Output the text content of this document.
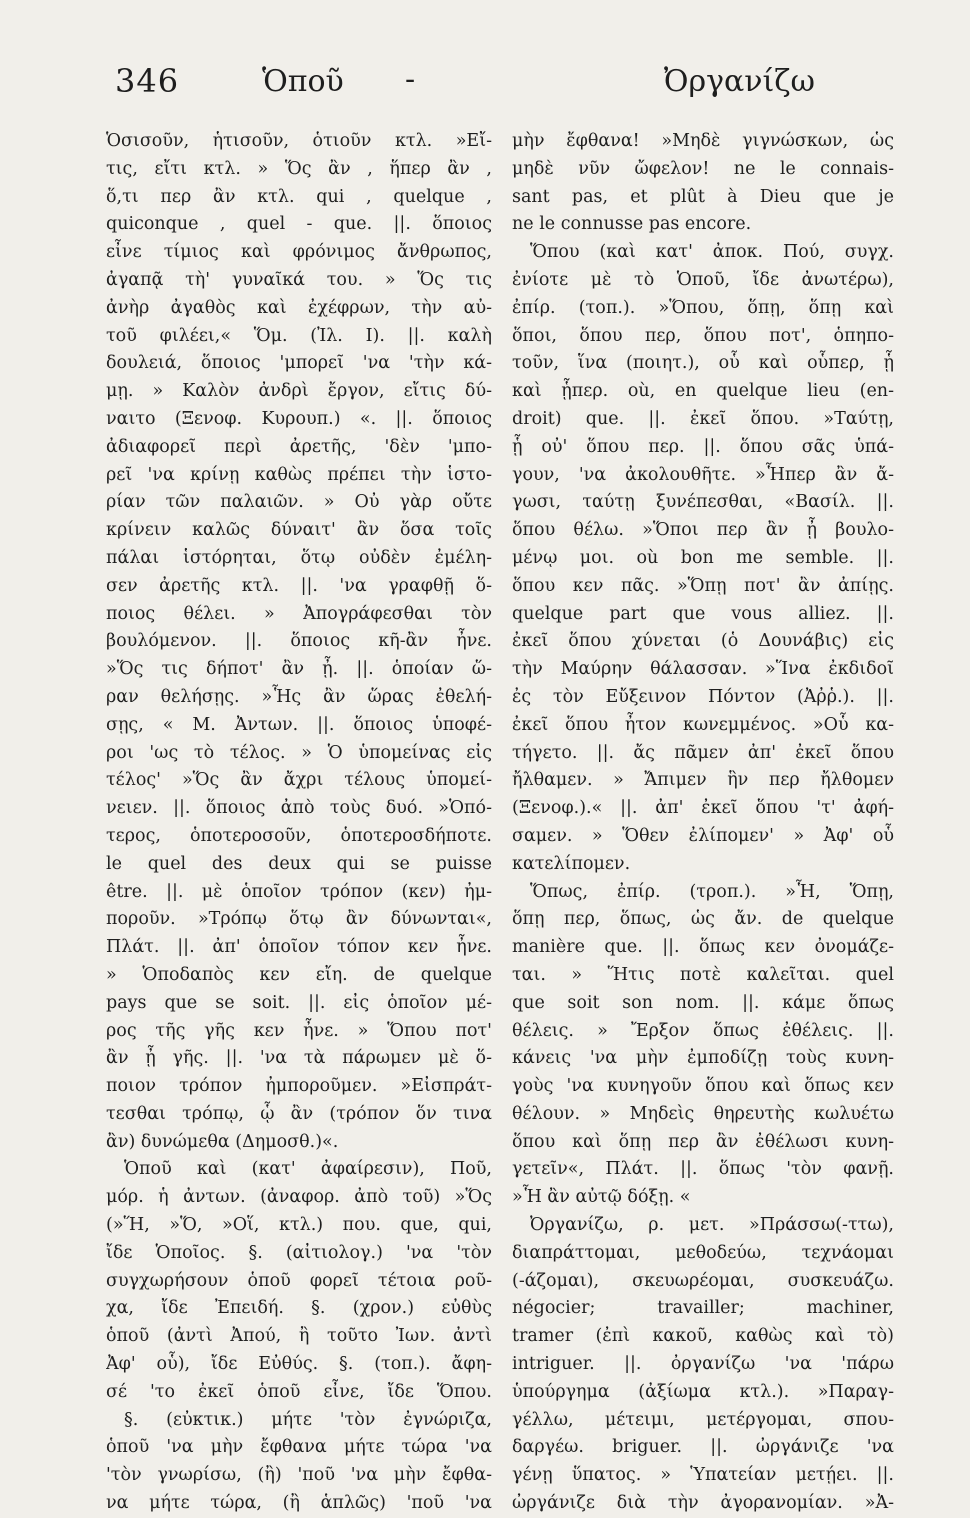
346	Ὁποῦ -	Ὀργανίζω
Ὁσισοῦν, ἡτισοῦν, ὁτιοῦν κτλ. »Εἴ-
τις, εἴτι κτλ. » Ὅς ἂν , ἥπερ ἂν ,
ὅ,τι περ ἂν κτλ. qui , quelque ,
quiconque , quel - que. ||. ὅποιος
εἶνε τίμιος καὶ φρόνιμος ἄνθρωπος,
ἀγαπᾷ τὴ' γυναῖκά του. » Ὅς τις
ἀνὴρ ἀγαθὸς καὶ ἐχέφρων, τὴν αὐ-
τοῦ φιλέει,« Ὅμ. (Ἰλ. Ι). ||. καλὴ
δουλειά, ὅποιος 'μπορεῖ 'να 'τὴν κά-
μῃ. » Καλὸν ἀνδρὶ ἔργον, εἴτις δύ-
ναιτο (Ξενοφ. Κυρουπ.) «. ||. ὅποιος
ἀδιαφορεῖ περὶ ἀρετῆς, 'δὲν 'μπο-
ρεῖ 'να κρίνῃ καθὼς πρέπει τὴν ἱστο-
ρίαν τῶν παλαιῶν. » Οὐ γὰρ οὔτε
κρίνειν καλῶς δύναιτ' ἂν ὅσα τοῖς
πάλαι ἱστόρηται, ὅτῳ οὐδὲν ἐμέλη-
σεν ἀρετῆς κτλ. ||. 'να γραφθῇ ὅ-
ποιος θέλει. » Ἀπογράφεσθαι τὸν
βουλόμενον. ||. ὅποιος κῆ-ἂν ἦνε.
»Ὅς τις δήποτ' ἂν ᾖ. ||. ὁποίαν ὥ-
ραν θελήσῃς. »Ἧς ἂν ὥρας ἐθελή-
σῃς, « Μ. Ἀντων. ||. ὅποιος ὑποφέ-
ροι 'ως τὸ τέλος. » Ὁ ὑπομείνας εἰς
τέλος' »Ὅς ἂν ἄχρι τέλους ὑπομεί-
νειεν. ||. ὅποιος ἀπὸ τοὺς δυό. »Ὁπό-
τερος, ὁποτεροσοῦν, ὁποτεροσδήποτε.
le quel des deux qui se puisse
être. ||. μὲ ὁποῖον τρόπον (κεν) ἠμ-
ποροῦν. »Τρόπῳ ὅτῳ ἂν δύνωνται«,
Πλάτ. ||. ἀπ' ὁποῖον τόπον κεν ἦνε.
» Ὁποδαπὸς κεν εἴη. de quelque
pays que se soit. ||. εἰς ὁποῖον μέ-
ρος τῆς γῆς κεν ἦνε. » Ὅπου ποτ'
ἂν ᾖ γῆς. ||. 'να τὰ πάρωμεν μὲ ὅ-
ποιον τρόπον ἠμποροῦμεν. »Εἰσπράτ-
τεσθαι τρόπῳ, ᾧ ἂν (τρόπον ὅν τινα
ἂν) δυνώμεθα (Δημοσθ.)«.
Ὁποῦ καὶ (κατ' ἀφαίρεσιν), Ποῦ,
μόρ. ἡ ἀντων. (ἀναφορ. ἀπὸ τοῦ) »Ὅς
(»Ἥ, »Ὅ, »Οἵ, κτλ.) που. que, qui,
ἴδε Ὁποῖος. §. (αἰτιολογ.) 'να 'τὸν
συγχωρήσουν ὁποῦ φορεῖ τέτοια ροῦ-
χα, ἴδε Ἐπειδή. §. (χρον.) εὐθὺς
ὁποῦ (ἀντὶ Ἀπού, ἢ τοῦτο Ἰων. ἀντὶ
Ἀφ' οὗ), ἴδε Εὐθύς. §. (τοπ.). ἄφη-
σέ 'το ἐκεῖ ὁποῦ εἶνε, ἴδε Ὅπου.
§. (εὐκτικ.) μήτε 'τὸν ἐγνώριζα,
ὁποῦ 'να μὴν ἔφθανα μήτε τώρα 'να
'τὸν γνωρίσω, (ἢ) 'ποῦ 'να μὴν ἔφθα-
να μήτε τώρα, (ἢ ἁπλῶς) 'ποῦ 'να
μὴν ἔφθανα! »Μηδὲ γιγνώσκων, ὡς
μηδὲ νῦν ὤφελον! ne le connais-
sant pas, et plût à Dieu que je
ne le connusse pas encore.
Ὅπου (καὶ κατ' ἀποκ. Πού, συγχ.
ἐνίοτε μὲ τὸ Ὁποῦ, ἴδε ἀνωτέρω),
ἐπίρ. (τοπ.). »Ὅπου, ὅπῃ, ὅπῃ καὶ
ὅποι, ὅπου περ, ὅπου ποτ', ὁπηπο-
τοῦν, ἵνα (ποιητ.), οὗ καὶ οὗπερ, ᾗ
καὶ ᾗπερ. où, en quelque lieu (en-
droit) que. ||. ἐκεῖ ὅπου. »Ταύτῃ,
ᾗ οὐ' ὅπου περ. ||. ὅπου σᾶς ὑπά-
γουν, 'να ἀκολουθῆτε. »Ἧπερ ἂν ἄ-
γωσι, ταύτῃ ξυνέπεσθαι, «Βασίλ. ||.
ὅπου θέλω. »Ὅποι περ ἂν ᾖ βουλο-
μένῳ μοι. où bon me semble. ||.
ὅπου κεν πᾶς. »Ὅπῃ ποτ' ἂν ἀπίῃς.
quelque part que vous alliez. ||.
ἐκεῖ ὅπου χύνεται (ὁ Δουνάβις) εἰς
τὴν Μαύρην θάλασσαν. »Ἵνα ἐκδιδοῖ
ἐς τὸν Εὔξεινον Πόντον (Ἀῤῥ.). ||.
ἐκεῖ ὅπου ἦτον κωνεμμένος. »Οὗ κα-
τήγετο. ||. ἄς πᾶμεν ἀπ' ἐκεῖ ὅπου
ἤλθαμεν. » Ἄπιμεν ἣν περ ἤλθομεν
(Ξενοφ.).« ||. ἀπ' ἐκεῖ ὅπου 'τ' ἀφή-
σαμεν. » Ὅθεν ἐλίπομεν' » Ἀφ' οὗ
κατελίπομεν.
Ὅπως, ἐπίρ. (τροπ.). »Ἧ, Ὅπῃ,
ὅπῃ περ, ὅπως, ὡς ἄν. de quelque
manière que. ||. ὅπως κεν ὀνομάζε-
ται. » Ἥτις ποτὲ καλεῖται. quel
que soit son nom. ||. κάμε ὅπως
θέλεις. » Ἔρξον ὅπως ἐθέλεις. ||.
κάνεις 'να μὴν ἐμποδίζῃ τοὺς κυνη-
γοὺς 'να κυνηγοῦν ὅπου καὶ ὅπως κεν
θέλουν. » Μηδεὶς θηρευτὴς κωλυέτω
ὅπου καὶ ὅπῃ περ ἂν ἐθέλωσι κυνη-
γετεῖν«, Πλάτ. ||. ὅπως 'τὸν φανῇ.
»Ἧ ἂν αὐτῷ δόξῃ. «
Ὀργανίζω, ρ. μετ. »Πράσσω(-ττω),
διαπράττομαι, μεθοδεύω, τεχνάομαι
(-άζομαι), σκευωρέομαι, συσκευάζω.
négocier; travailler; machiner,
tramer (ἐπὶ κακοῦ, καθὼς καὶ τὸ)
intriguer. ||. ὀργανίζω 'να 'πάρω
ὑπούργημα (ἀξίωμα κτλ.). »Παραγ-
γέλλω, μέτειμι, μετέργομαι, σπου-
δαργέω. briguer. ||. ὠργάνιζε 'να
γένῃ ὕπατος. » Ὑπατείαν μετῄει. ||.
ὠργάνιζε διὰ τὴν ἀγορανομίαν. »Ἀ-
